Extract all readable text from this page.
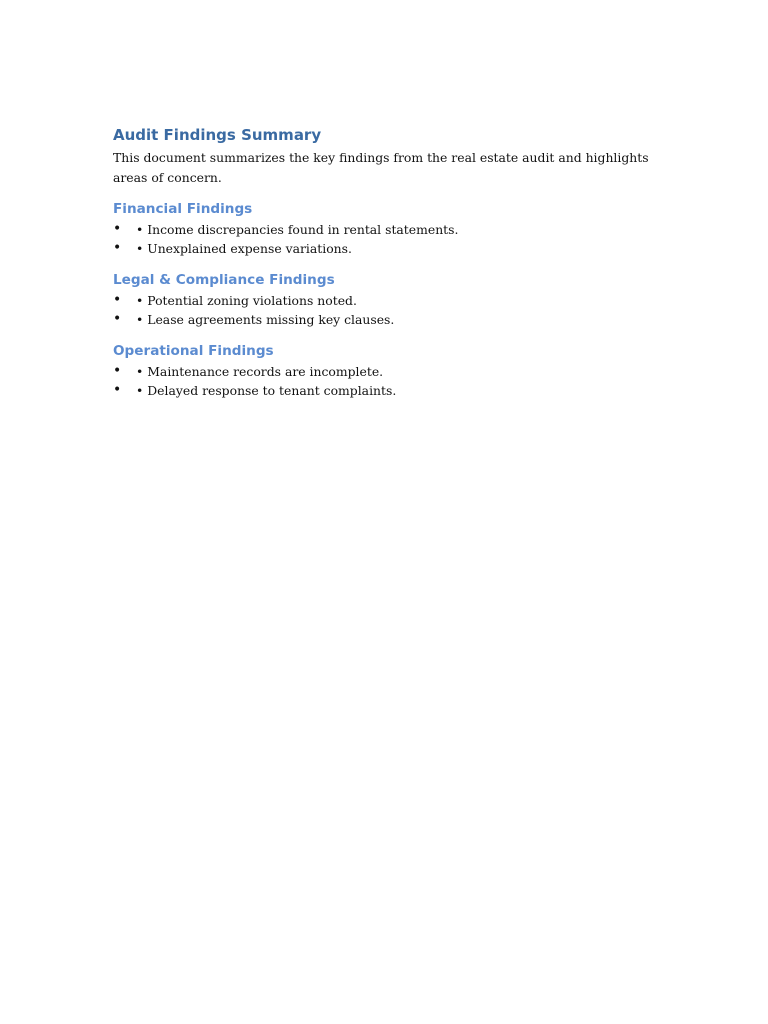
Audit Findings Summary

This document summarizes the key findings from the real estate audit and highlights areas of concern.

Financial Findings
• • Income discrepancies found in rental statements.
• • Unexplained expense variations.
Legal & Compliance Findings
• • Potential zoning violations noted.
• • Lease agreements missing key clauses.
Operational Findings
• • Maintenance records are incomplete.
• • Delayed response to tenant complaints.
